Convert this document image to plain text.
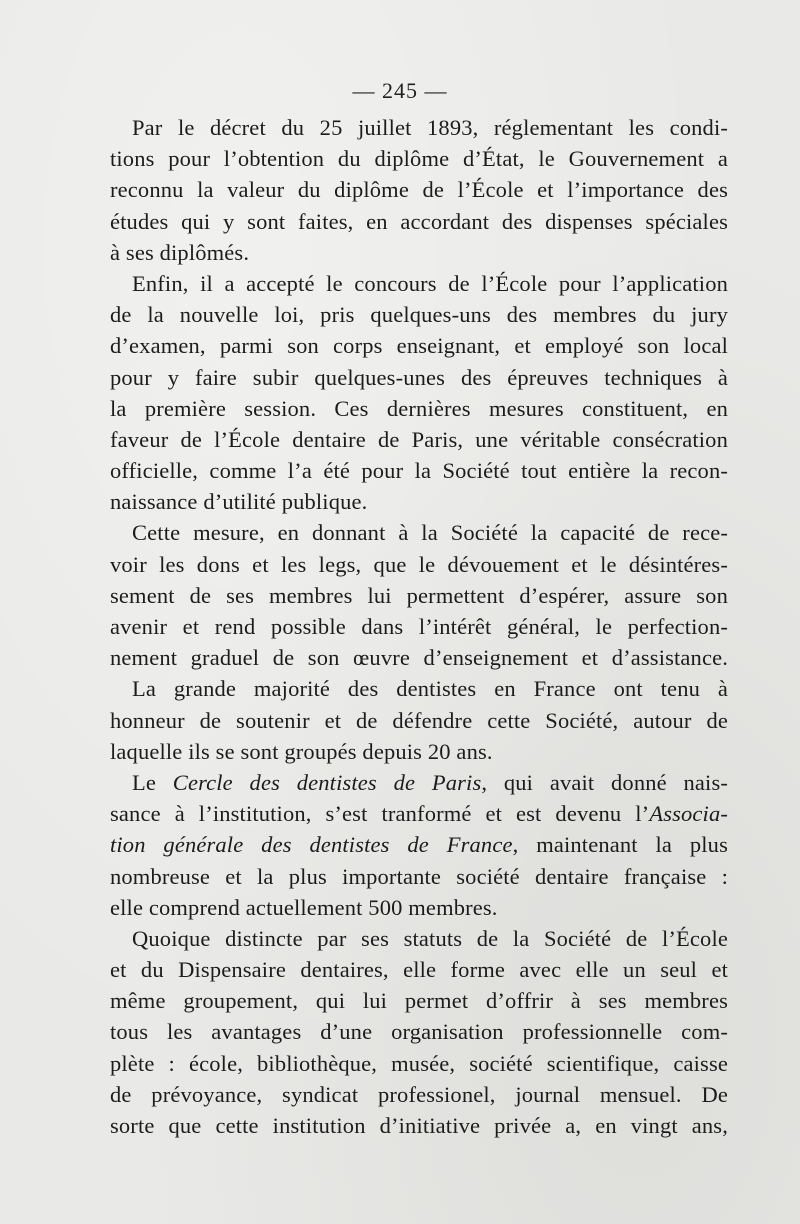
— 245 —
Par le décret du 25 juillet 1893, réglementant les condi-
tions pour l’obtention du diplôme d’État, le Gouvernement a
reconnu la valeur du diplôme de l’École et l’importance des
études qui y sont faites, en accordant des dispenses spéciales
à ses diplômés.
Enfin, il a accepté le concours de l’École pour l’application
de la nouvelle loi, pris quelques-uns des membres du jury
d’examen, parmi son corps enseignant, et employé son local
pour y faire subir quelques-unes des épreuves techniques à
la première session. Ces dernières mesures constituent, en
faveur de l’École dentaire de Paris, une véritable consécration
officielle, comme l’a été pour la Société tout entière la recon-
naissance d’utilité publique.
Cette mesure, en donnant à la Société la capacité de rece-
voir les dons et les legs, que le dévouement et le désintéres-
sement de ses membres lui permettent d’espérer, assure son
avenir et rend possible dans l’intérêt général, le perfection-
nement graduel de son œuvre d’enseignement et d’assistance.
La grande majorité des dentistes en France ont tenu à
honneur de soutenir et de défendre cette Société, autour de
laquelle ils se sont groupés depuis 20 ans.
Le Cercle des dentistes de Paris, qui avait donné nais-
sance à l’institution, s’est tranformé et est devenu l’Associa-
tion générale des dentistes de France, maintenant la plus
nombreuse et la plus importante société dentaire française :
elle comprend actuellement 500 membres.
Quoique distincte par ses statuts de la Société de l’École
et du Dispensaire dentaires, elle forme avec elle un seul et
même groupement, qui lui permet d’offrir à ses membres
tous les avantages d’une organisation professionnelle com-
plète : école, bibliothèque, musée, société scientifique, caisse
de prévoyance, syndicat professionel, journal mensuel. De
sorte que cette institution d’initiative privée a, en vingt ans,
